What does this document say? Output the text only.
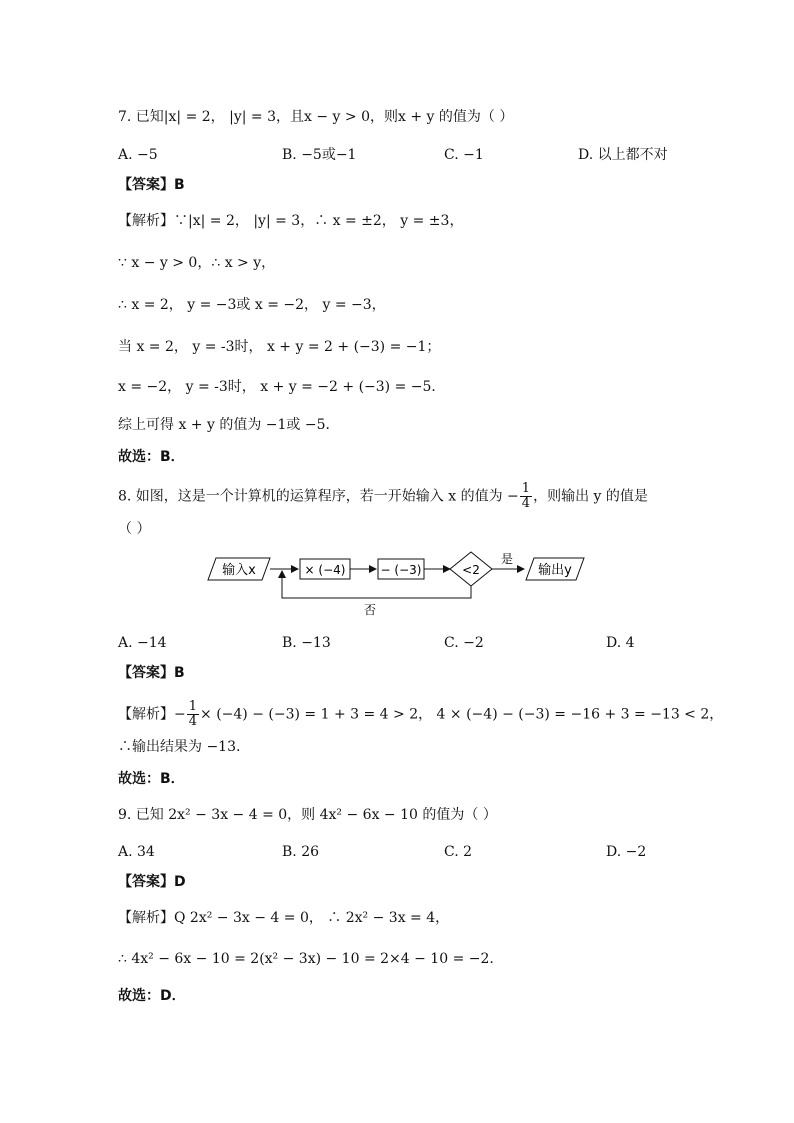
7. 已知|x| = 2， |y| = 3，且x − y > 0，则x + y 的值为（ ）
A. −5	B. −5或−1	C. −1	D. 以上都不对
【答案】B
【解析】∵|x| = 2， |y| = 3，∴ x = ±2， y = ±3，
∵ x − y > 0，∴ x > y，
∴ x = 2， y = −3或 x = −2， y = −3，
当 x = 2， y = -3时， x + y = 2 + (−3) = −1；
x = −2， y = -3时， x + y = −2 + (−3) = −5．
综上可得 x + y 的值为 −1或 −5．
故选：B．
8. 如图，这是一个计算机的运算程序，若一开始输入 x 的值为 − $\frac{1}{4}$ ，则输出 y 的值是
（ ）
输入x	× (−4)	− (−3)	<2
是
输出y
否
A. −14	B. −13	C. −2	D. 4
【答案】B
【解析】− $\frac{1}{4} \times (-4) - (-3) = 1 + 3 = 4 > 2$， 4 × (−4) − (−3) = −16 + 3 = −13 < 2，
∴输出结果为 −13.
故选：B．
9. 已知 2x² − 3x − 4 = 0，则 4x² − 6x − 10 的值为（ ）
A. 34	B. 26	C. 2	D. −2
【答案】D
【解析】Q 2x² − 3x − 4 = 0， ∴ 2x² − 3x = 4，
∴ 4x² − 6x − 10 = 2(x² − 3x) − 10 = 2×4 − 10 = −2.
故选：D．
